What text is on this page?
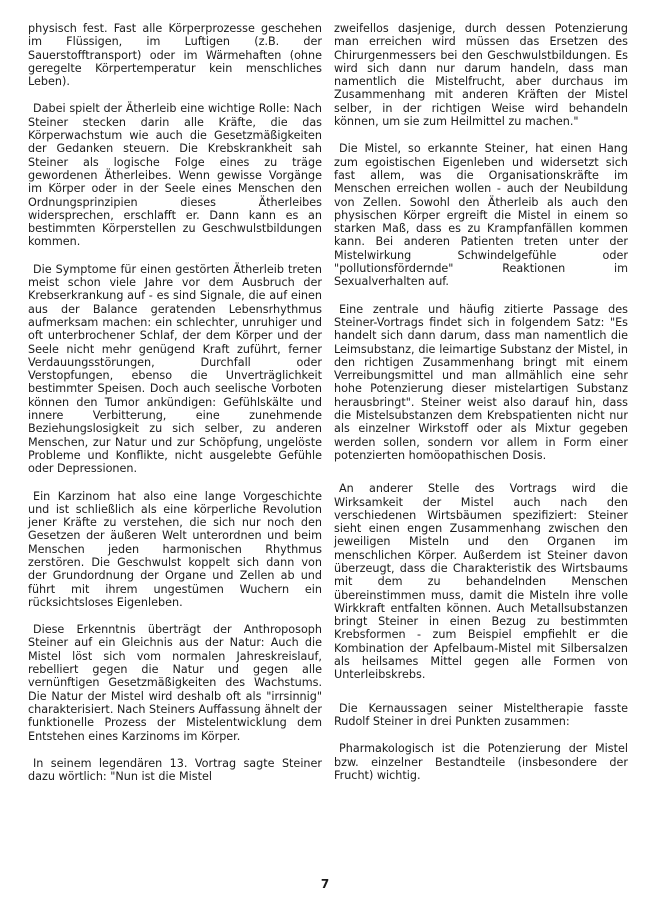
physisch fest. Fast alle Körperprozesse geschehen im Flüssigen, im Luftigen (z.B. der Sauerstofftransport) oder im Wärmehaften (ohne geregelte Körpertemperatur kein menschliches Leben).

Dabei spielt der Ätherleib eine wichtige Rolle: Nach Steiner stecken darin alle Kräfte, die das Körperwachstum wie auch die Gesetzmäßigkeiten der Gedanken steuern. Die Krebskrankheit sah Steiner als logische Folge eines zu träge gewordenen Ätherleibes. Wenn gewisse Vorgänge im Körper oder in der Seele eines Menschen den Ordnungsprinzipien dieses Ätherleibes widersprechen, erschlafft er. Dann kann es an bestimmten Körperstellen zu Geschwulstbildungen kommen.

Die Symptome für einen gestörten Ätherleib treten meist schon viele Jahre vor dem Ausbruch der Krebserkrankung auf - es sind Signale, die auf einen aus der Balance geratenden Lebensrhythmus aufmerksam machen: ein schlechter, unruhiger und oft unterbrochener Schlaf, der dem Körper und der Seele nicht mehr genügend Kraft zuführt, ferner Verdauungsstörungen, Durchfall oder Verstopfungen, ebenso die Unverträglichkeit bestimmter Speisen. Doch auch seelische Vorboten können den Tumor ankündigen: Gefühlskälte und innere Verbitterung, eine zunehmende Beziehungslosigkeit zu sich selber, zu anderen Menschen, zur Natur und zur Schöpfung, ungelöste Probleme und Konflikte, nicht ausgelebte Gefühle oder Depressionen.

Ein Karzinom hat also eine lange Vorgeschichte und ist schließlich als eine körperliche Revolution jener Kräfte zu verstehen, die sich nur noch den Gesetzen der äußeren Welt unterordnen und beim Menschen jeden harmonischen Rhythmus zerstören. Die Geschwulst koppelt sich dann von der Grundordnung der Organe und Zellen ab und führt mit ihrem ungestümen Wuchern ein rücksichtsloses Eigenleben.

Diese Erkenntnis überträgt der Anthroposoph Steiner auf ein Gleichnis aus der Natur: Auch die Mistel löst sich vom normalen Jahreskreislauf, rebelliert gegen die Natur und gegen alle vernünftigen Gesetzmäßigkeiten des Wachstums. Die Natur der Mistel wird deshalb oft als "irrsinnig" charakterisiert. Nach Steiners Auffassung ähnelt der funktionelle Prozess der Mistelentwicklung dem Entstehen eines Karzinoms im Körper.

In seinem legendären 13. Vortrag sagte Steiner dazu wörtlich: "Nun ist die Mistel

zweifellos dasjenige, durch dessen Potenzierung man erreichen wird müssen das Ersetzen des Chirurgenmessers bei den Geschwulstbildungen. Es wird sich dann nur darum handeln, dass man namentlich die Mistelfrucht, aber durchaus im Zusammenhang mit anderen Kräften der Mistel selber, in der richtigen Weise wird behandeln können, um sie zum Heilmittel zu machen."

Die Mistel, so erkannte Steiner, hat einen Hang zum egoistischen Eigenleben und widersetzt sich fast allem, was die Organisationskräfte im Menschen erreichen wollen - auch der Neubildung von Zellen. Sowohl den Ätherleib als auch den physischen Körper ergreift die Mistel in einem so starken Maß, dass es zu Krampfanfällen kommen kann. Bei anderen Patienten treten unter der Mistelwirkung Schwindelgefühle oder "pollutionsfördernde" Reaktionen im Sexualverhalten auf.

Eine zentrale und häufig zitierte Passage des Steiner-Vortrags findet sich in folgendem Satz: "Es handelt sich dann darum, dass man namentlich die Leimsubstanz, die leimartige Substanz der Mistel, in den richtigen Zusammenhang bringt mit einem Verreibungsmittel und man allmählich eine sehr hohe Potenzierung dieser mistelartigen Substanz herausbringt". Steiner weist also darauf hin, dass die Mistelsubstanzen dem Krebspatienten nicht nur als einzelner Wirkstoff oder als Mixtur gegeben werden sollen, sondern vor allem in Form einer potenzierten homöopathischen Dosis.

An anderer Stelle des Vortrags wird die Wirksamkeit der Mistel auch nach den verschiedenen Wirtsbäumen spezifiziert: Steiner sieht einen engen Zusammenhang zwischen den jeweiligen Misteln und den Organen im menschlichen Körper. Außerdem ist Steiner davon überzeugt, dass die Charakteristik des Wirtsbaums mit dem zu behandelnden Menschen übereinstimmen muss, damit die Misteln ihre volle Wirkkraft entfalten können. Auch Metallsubstanzen bringt Steiner in einen Bezug zu bestimmten Krebsformen - zum Beispiel empfiehlt er die Kombination der Apfelbaum-Mistel mit Silbersalzen als heilsames Mittel gegen alle Formen von Unterleibskrebs.

Die Kernaussagen seiner Misteltherapie fasste Rudolf Steiner in drei Punkten zusammen:

Pharmakologisch ist die Potenzierung der Mistel bzw. einzelner Bestandteile (insbesondere der Frucht) wichtig.

7
